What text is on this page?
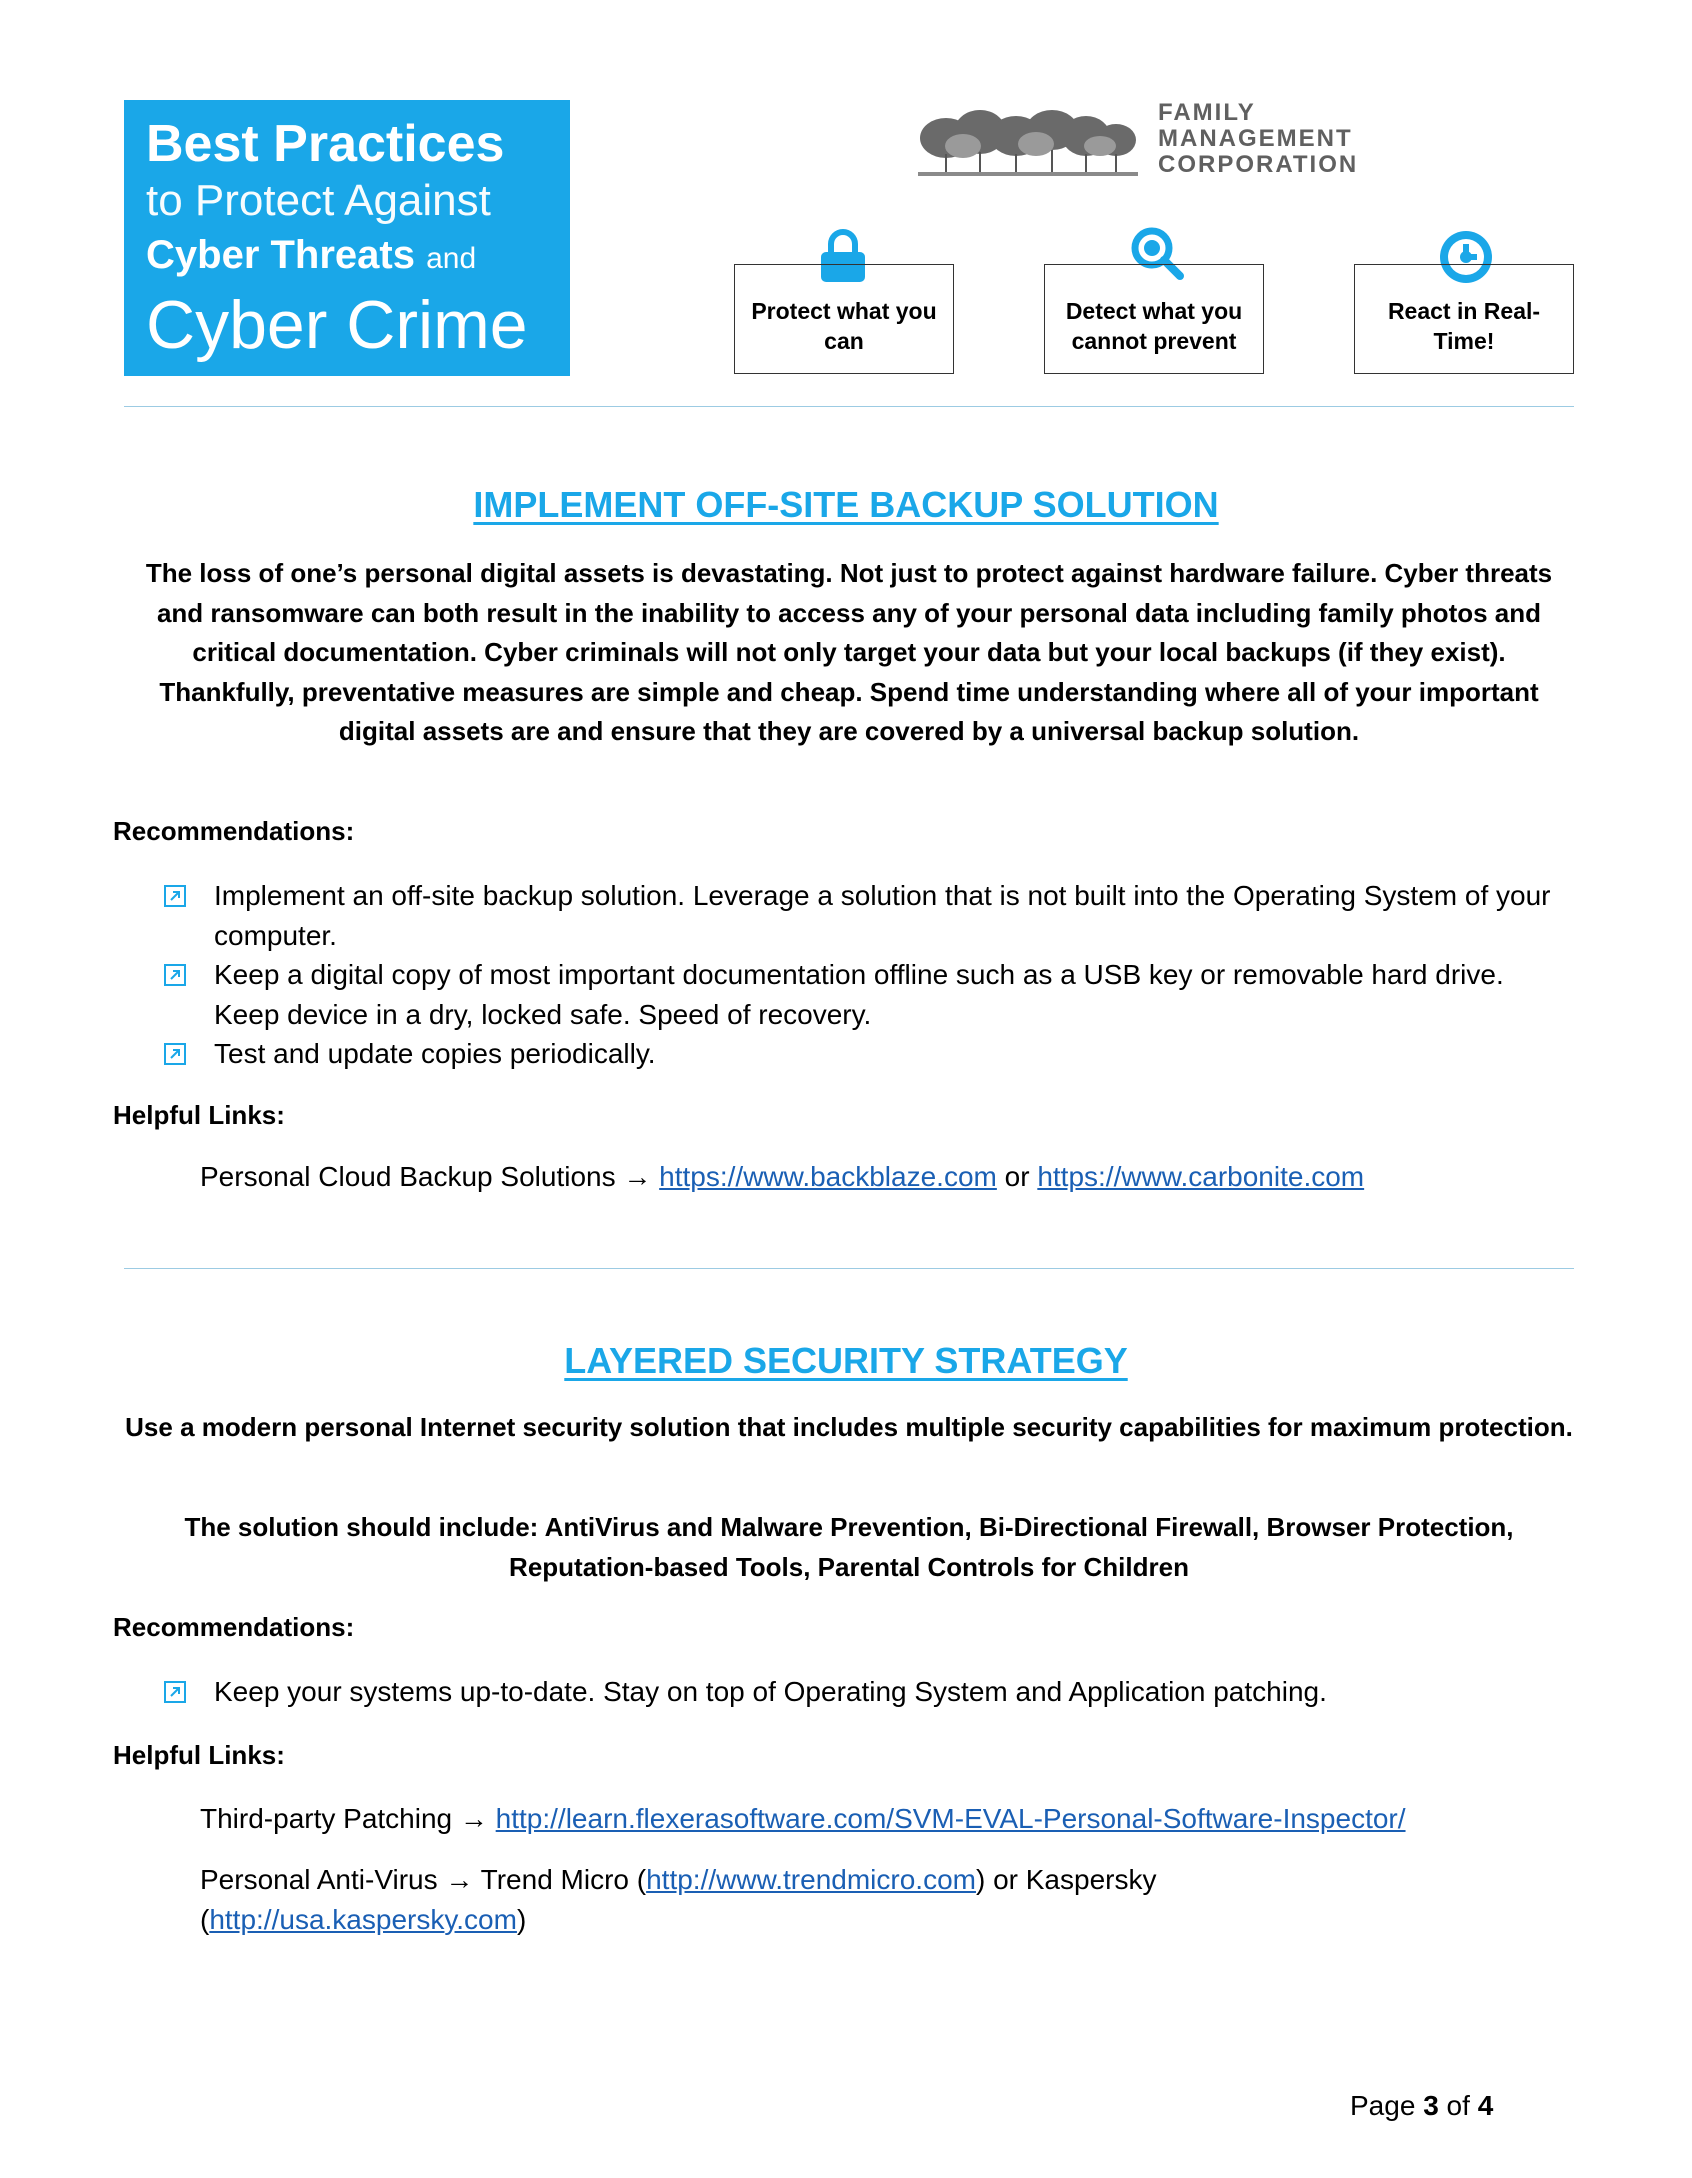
Best Practices
to Protect Against
Cyber Threats and
Cyber Crime
FAMILY
MANAGEMENT
CORPORATION
Protect what you can
Detect what you cannot prevent
React in Real-Time!
IMPLEMENT OFF-SITE BACKUP SOLUTION
The loss of one’s personal digital assets is devastating. Not just to protect against hardware failure. Cyber threats and ransomware can both result in the inability to access any of your personal data including family photos and critical documentation. Cyber criminals will not only target your data but your local backups (if they exist). Thankfully, preventative measures are simple and cheap. Spend time understanding where all of your important digital assets are and ensure that they are covered by a universal backup solution.
Recommendations:
Implement an off-site backup solution. Leverage a solution that is not built into the Operating System of your computer.
Keep a digital copy of most important documentation offline such as a USB key or removable hard drive. Keep device in a dry, locked safe. Speed of recovery.
Test and update copies periodically.
Helpful Links:
Personal Cloud Backup Solutions → https://www.backblaze.com or https://www.carbonite.com
LAYERED SECURITY STRATEGY
Use a modern personal Internet security solution that includes multiple security capabilities for maximum protection.
The solution should include: AntiVirus and Malware Prevention, Bi-Directional Firewall, Browser Protection, Reputation-based Tools, Parental Controls for Children
Recommendations:
Keep your systems up-to-date. Stay on top of Operating System and Application patching.
Helpful Links:
Third-party Patching → http://learn.flexerasoftware.com/SVM-EVAL-Personal-Software-Inspector/
Personal Anti-Virus → Trend Micro (http://www.trendmicro.com) or Kaspersky (http://usa.kaspersky.com)
Page 3 of 4
